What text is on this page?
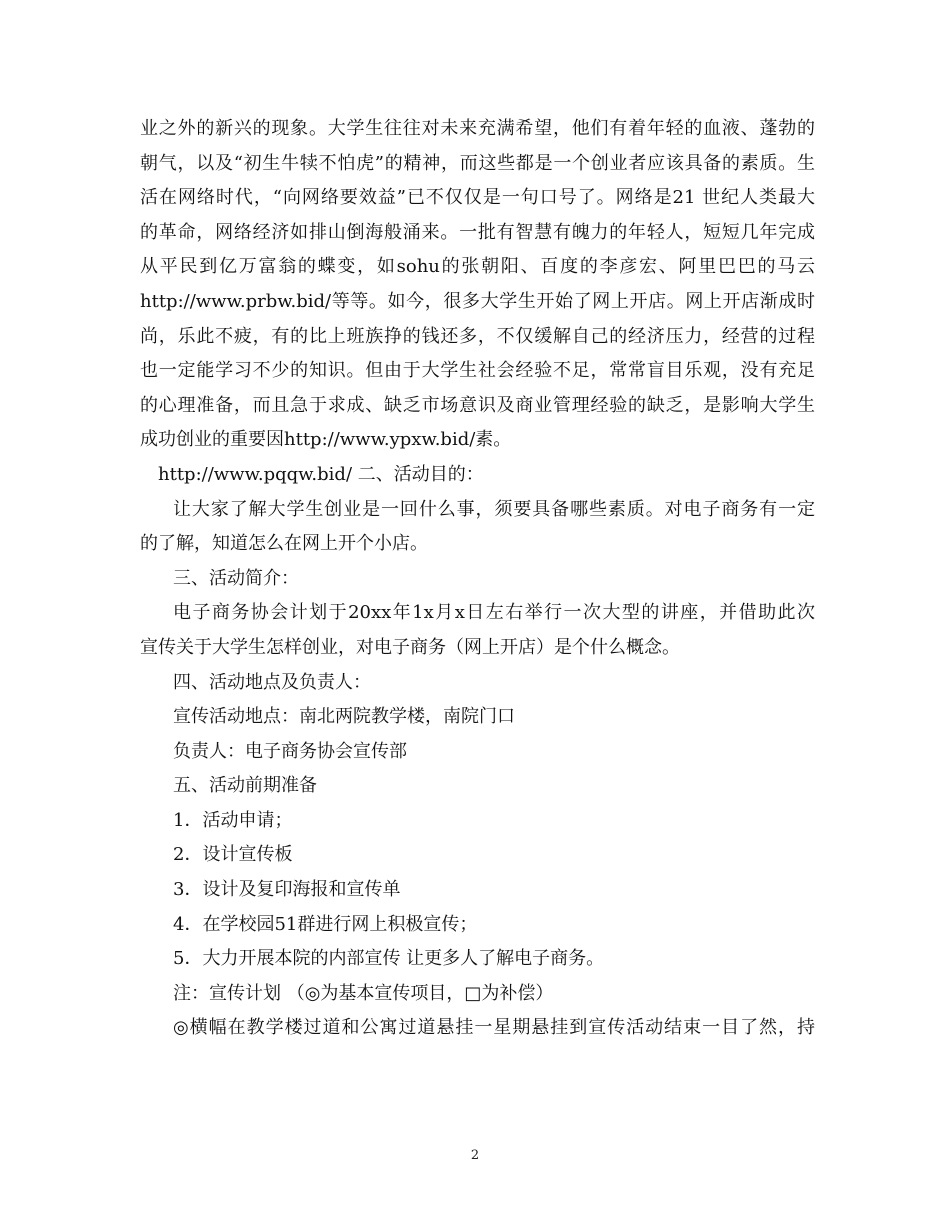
业之外的新兴的现象。大学生往往对未来充满希望，他们有着年轻的血液、蓬勃的
朝气，以及“初生牛犊不怕虎”的精神，而这些都是一个创业者应该具备的素质。生
活在网络时代，“向网络要效益”已不仅仅是一句口号了。网络是21 世纪人类最大
的革命，网络经济如排山倒海般涌来。一批有智慧有魄力的年轻人，短短几年完成
从平民到亿万富翁的蝶变，如sohu的张朝阳、百度的李彦宏、阿里巴巴的马云
http://www.prbw.bid/等等。如今，很多大学生开始了网上开店。网上开店渐成时
尚，乐此不疲，有的比上班族挣的钱还多，不仅缓解自己的经济压力，经营的过程
也一定能学习不少的知识。但由于大学生社会经验不足，常常盲目乐观，没有充足
的心理准备，而且急于求成、缺乏市场意识及商业管理经验的缺乏，是影响大学生
成功创业的重要因http://www.ypxw.bid/素。
http://www.pqqw.bid/ 二、活动目的：
让大家了解大学生创业是一回什么事，须要具备哪些素质。对电子商务有一定
的了解，知道怎么在网上开个小店。
三、活动简介：
电子商务协会计划于20xx年1x月x日左右举行一次大型的讲座，并借助此次
宣传关于大学生怎样创业，对电子商务（网上开店）是个什么概念。
四、活动地点及负责人：
宣传活动地点：南北两院教学楼，南院门口
负责人：电子商务协会宣传部
五、活动前期准备
1．活动申请；
2．设计宣传板
3．设计及复印海报和宣传单
4．在学校园51群进行网上积极宣传；
5．大力开展本院的内部宣传 让更多人了解电子商务。
注：宣传计划 （◎为基本宣传项目，□为补偿）
◎横幅在教学楼过道和公寓过道悬挂一星期悬挂到宣传活动结束一目了然，持
2
